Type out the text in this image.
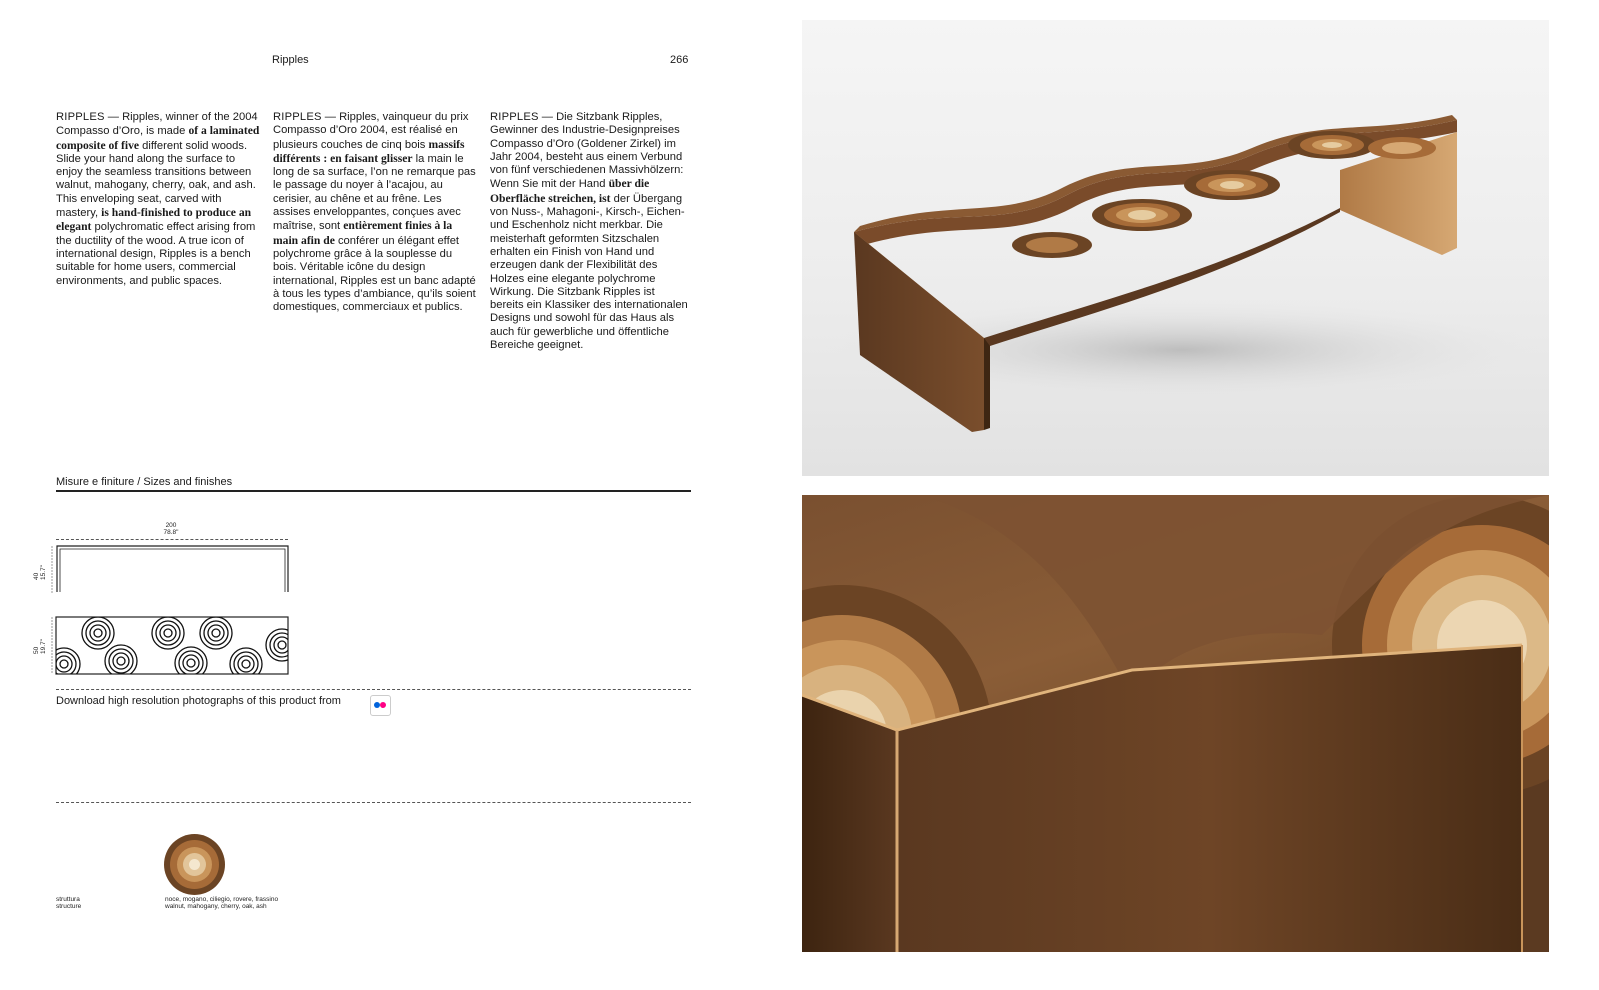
Ripples	266
RIPPLES — Ripples, winner of the 2004 Compasso d’Oro, is made of a laminated composite of five different solid woods. Slide your hand along the surface to enjoy the seamless transitions between walnut, mahogany, cherry, oak, and ash. This enveloping seat, carved with mastery, is hand-finished to produce an elegant polychromatic effect arising from the ductility of the wood. A true icon of international design, Ripples is a bench suitable for home users, commercial environments, and public spaces.
RIPPLES — Ripples, vainqueur du prix Compasso d’Oro 2004, est réalisé en plusieurs couches de cinq bois massifs différents : en faisant glisser la main le long de sa surface, l’on ne remarque pas le passage du noyer à l’acajou, au cerisier, au chêne et au frêne. Les assises enveloppantes, conçues avec maîtrise, sont entièrement finies à la main afin de conférer un élégant effet polychrome grâce à la souplesse du bois. Véritable icône du design international, Ripples est un banc adapté à tous les types d’ambiance, qu’ils soient domestiques, commerciaux et publics.
RIPPLES — Die Sitzbank Ripples, Gewinner des Industrie-Designpreises Compasso d’Oro (Goldener Zirkel) im Jahr 2004, besteht aus einem Verbund von fünf verschiedenen Massivhölzern: Wenn Sie mit der Hand über die Oberfläche streichen, ist der Übergang von Nuss-, Mahagoni-, Kirsch-, Eichen- und Eschenholz nicht merkbar. Die meisterhaft geformten Sitzschalen erhalten ein Finish von Hand und erzeugen dank der Flexibilität des Holzes eine elegante polychrome Wirkung. Die Sitzbank Ripples ist bereits ein Klassiker des internationalen Designs und sowohl für das Haus als auch für gewerbliche und öffentliche Bereiche geeignet.
Misure e finiture / Sizes and finishes
200
78.8"
40
15.7"
50
19.7"
Download high resolution photographs of this product from
struttura
structure
noce, mogano, ciliegio, rovere, frassino
walnut, mahogany, cherry, oak, ash
